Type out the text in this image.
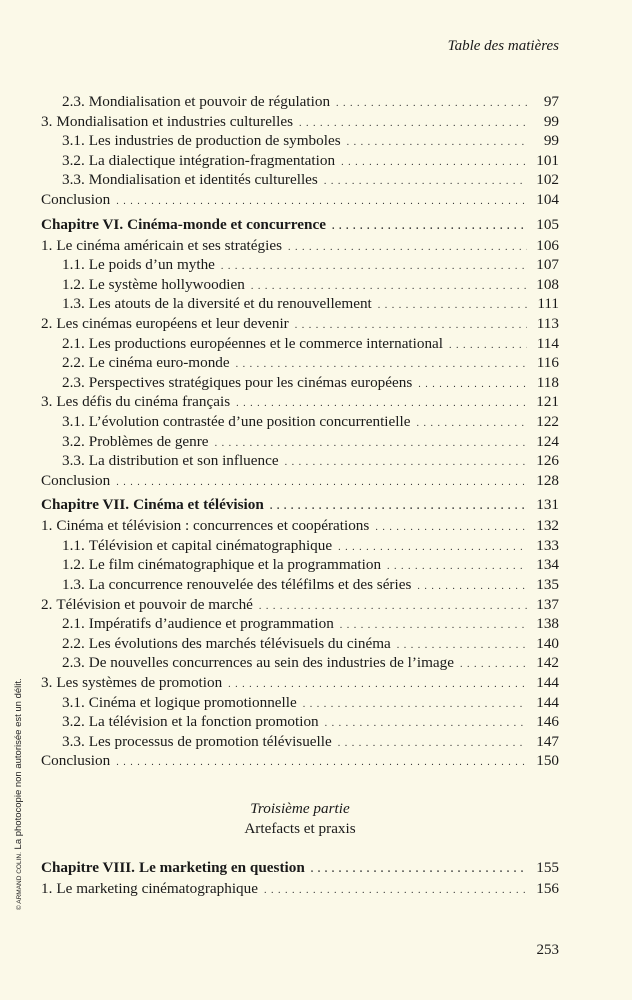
Table des matières
2.3. Mondialisation et pouvoir de régulation . . .	97
3. Mondialisation et industries culturelles . . .	99
3.1. Les industries de production de symboles . . .	99
3.2. La dialectique intégration-fragmentation . . .	101
3.3. Mondialisation et identités culturelles . . .	102
Conclusion . . .	104
Chapitre VI. Cinéma-monde et concurrence . . .	105
1. Le cinéma américain et ses stratégies . . .	106
1.1. Le poids d’un mythe . . .	107
1.2. Le système hollywoodien . . .	108
1.3. Les atouts de la diversité et du renouvellement . . .	111
2. Les cinémas européens et leur devenir . . .	113
2.1. Les productions européennes et le commerce international . . .	114
2.2. Le cinéma euro-monde . . .	116
2.3. Perspectives stratégiques pour les cinémas européens . . .	118
3. Les défis du cinéma français . . .	121
3.1. L’évolution contrastée d’une position concurrentielle . . .	122
3.2. Problèmes de genre . . .	124
3.3. La distribution et son influence . . .	126
Conclusion . . .	128
Chapitre VII. Cinéma et télévision . . .	131
1. Cinéma et télévision : concurrences et coopérations . . .	132
1.1. Télévision et capital cinématographique . . .	133
1.2. Le film cinématographique et la programmation . . .	134
1.3. La concurrence renouvelée des téléfilms et des séries . . .	135
2. Télévision et pouvoir de marché . . .	137
2.1. Impératifs d’audience et programmation . . .	138
2.2. Les évolutions des marchés télévisuels du cinéma . . .	140
2.3. De nouvelles concurrences au sein des industries de l’image . . .	142
3. Les systèmes de promotion . . .	144
3.1. Cinéma et logique promotionnelle . . .	144
3.2. La télévision et la fonction promotion . . .	146
3.3. Les processus de promotion télévisuelle . . .	147
Conclusion . . .	150
Troisième partie
Artefacts et praxis
Chapitre VIII. Le marketing en question . . .	155
1. Le marketing cinématographique . . .	156
253
© ARMAND COLIN. La photocopie non autorisée est un délit.
